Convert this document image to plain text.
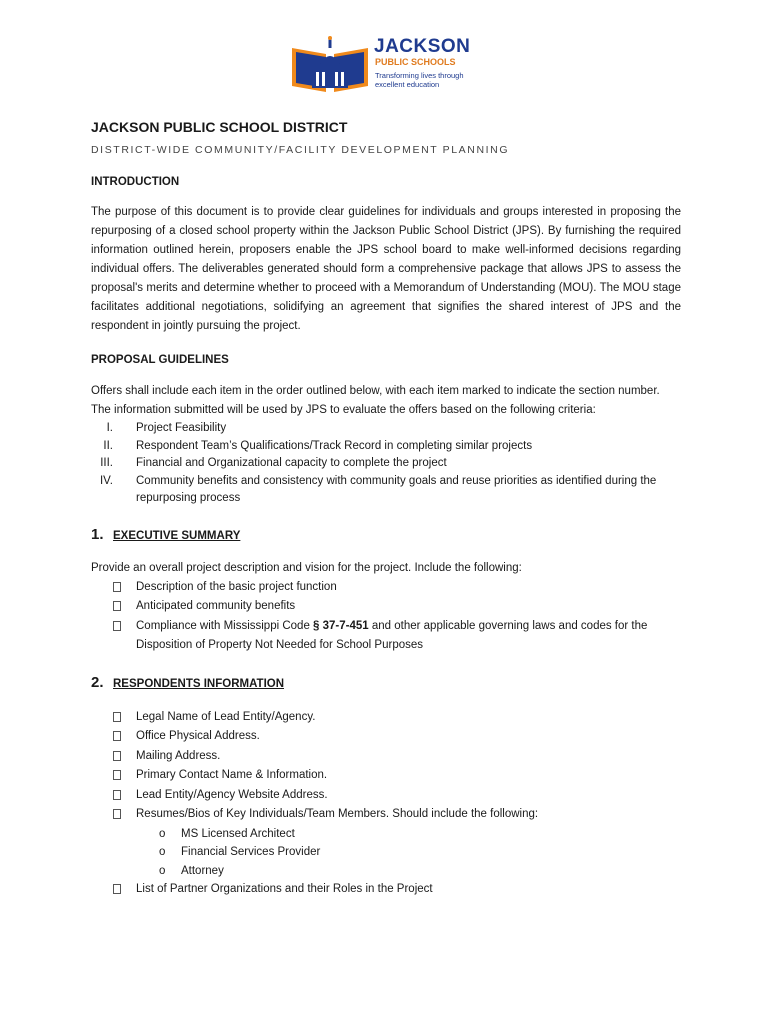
JACKSON
PUBLIC SCHOOLS
Transforming lives through excellent education
JACKSON PUBLIC SCHOOL DISTRICT
DISTRICT-WIDE COMMUNITY/FACILITY DEVELOPMENT PLANNING
INTRODUCTION

The purpose of this document is to provide clear guidelines for individuals and groups interested in proposing the repurposing of a closed school property within the Jackson Public School District (JPS). By furnishing the required information outlined herein, proposers enable the JPS school board to make well-informed decisions regarding individual offers. The deliverables generated should form a comprehensive package that allows JPS to assess the proposal's merits and determine whether to proceed with a Memorandum of Understanding (MOU). The MOU stage facilitates additional negotiations, solidifying an agreement that signifies the shared interest of JPS and the respondent in jointly pursuing the project.

PROPOSAL GUIDELINES

Offers shall include each item in the order outlined below, with each item marked to indicate the section number. The information submitted will be used by JPS to evaluate the offers based on the following criteria:

I. Project Feasibility
II. Respondent Team’s Qualifications/Track Record in completing similar projects
III. Financial and Organizational capacity to complete the project
IV. Community benefits and consistency with community goals and reuse priorities as identified during the repurposing process
1. EXECUTIVE SUMMARY

Provide an overall project description and vision for the project. Include the following:

Description of the basic project function
Anticipated community benefits
Compliance with Mississippi Code § 37-7-451 and other applicable governing laws and codes for the Disposition of Property Not Needed for School Purposes
2. RESPONDENTS INFORMATION
Legal Name of Lead Entity/Agency.
Office Physical Address.
Mailing Address.
Primary Contact Name & Information.
Lead Entity/Agency Website Address.
Resumes/Bios of Key Individuals/Team Members. Should include the following:
o MS Licensed Architect
o Financial Services Provider
o Attorney
List of Partner Organizations and their Roles in the Project
